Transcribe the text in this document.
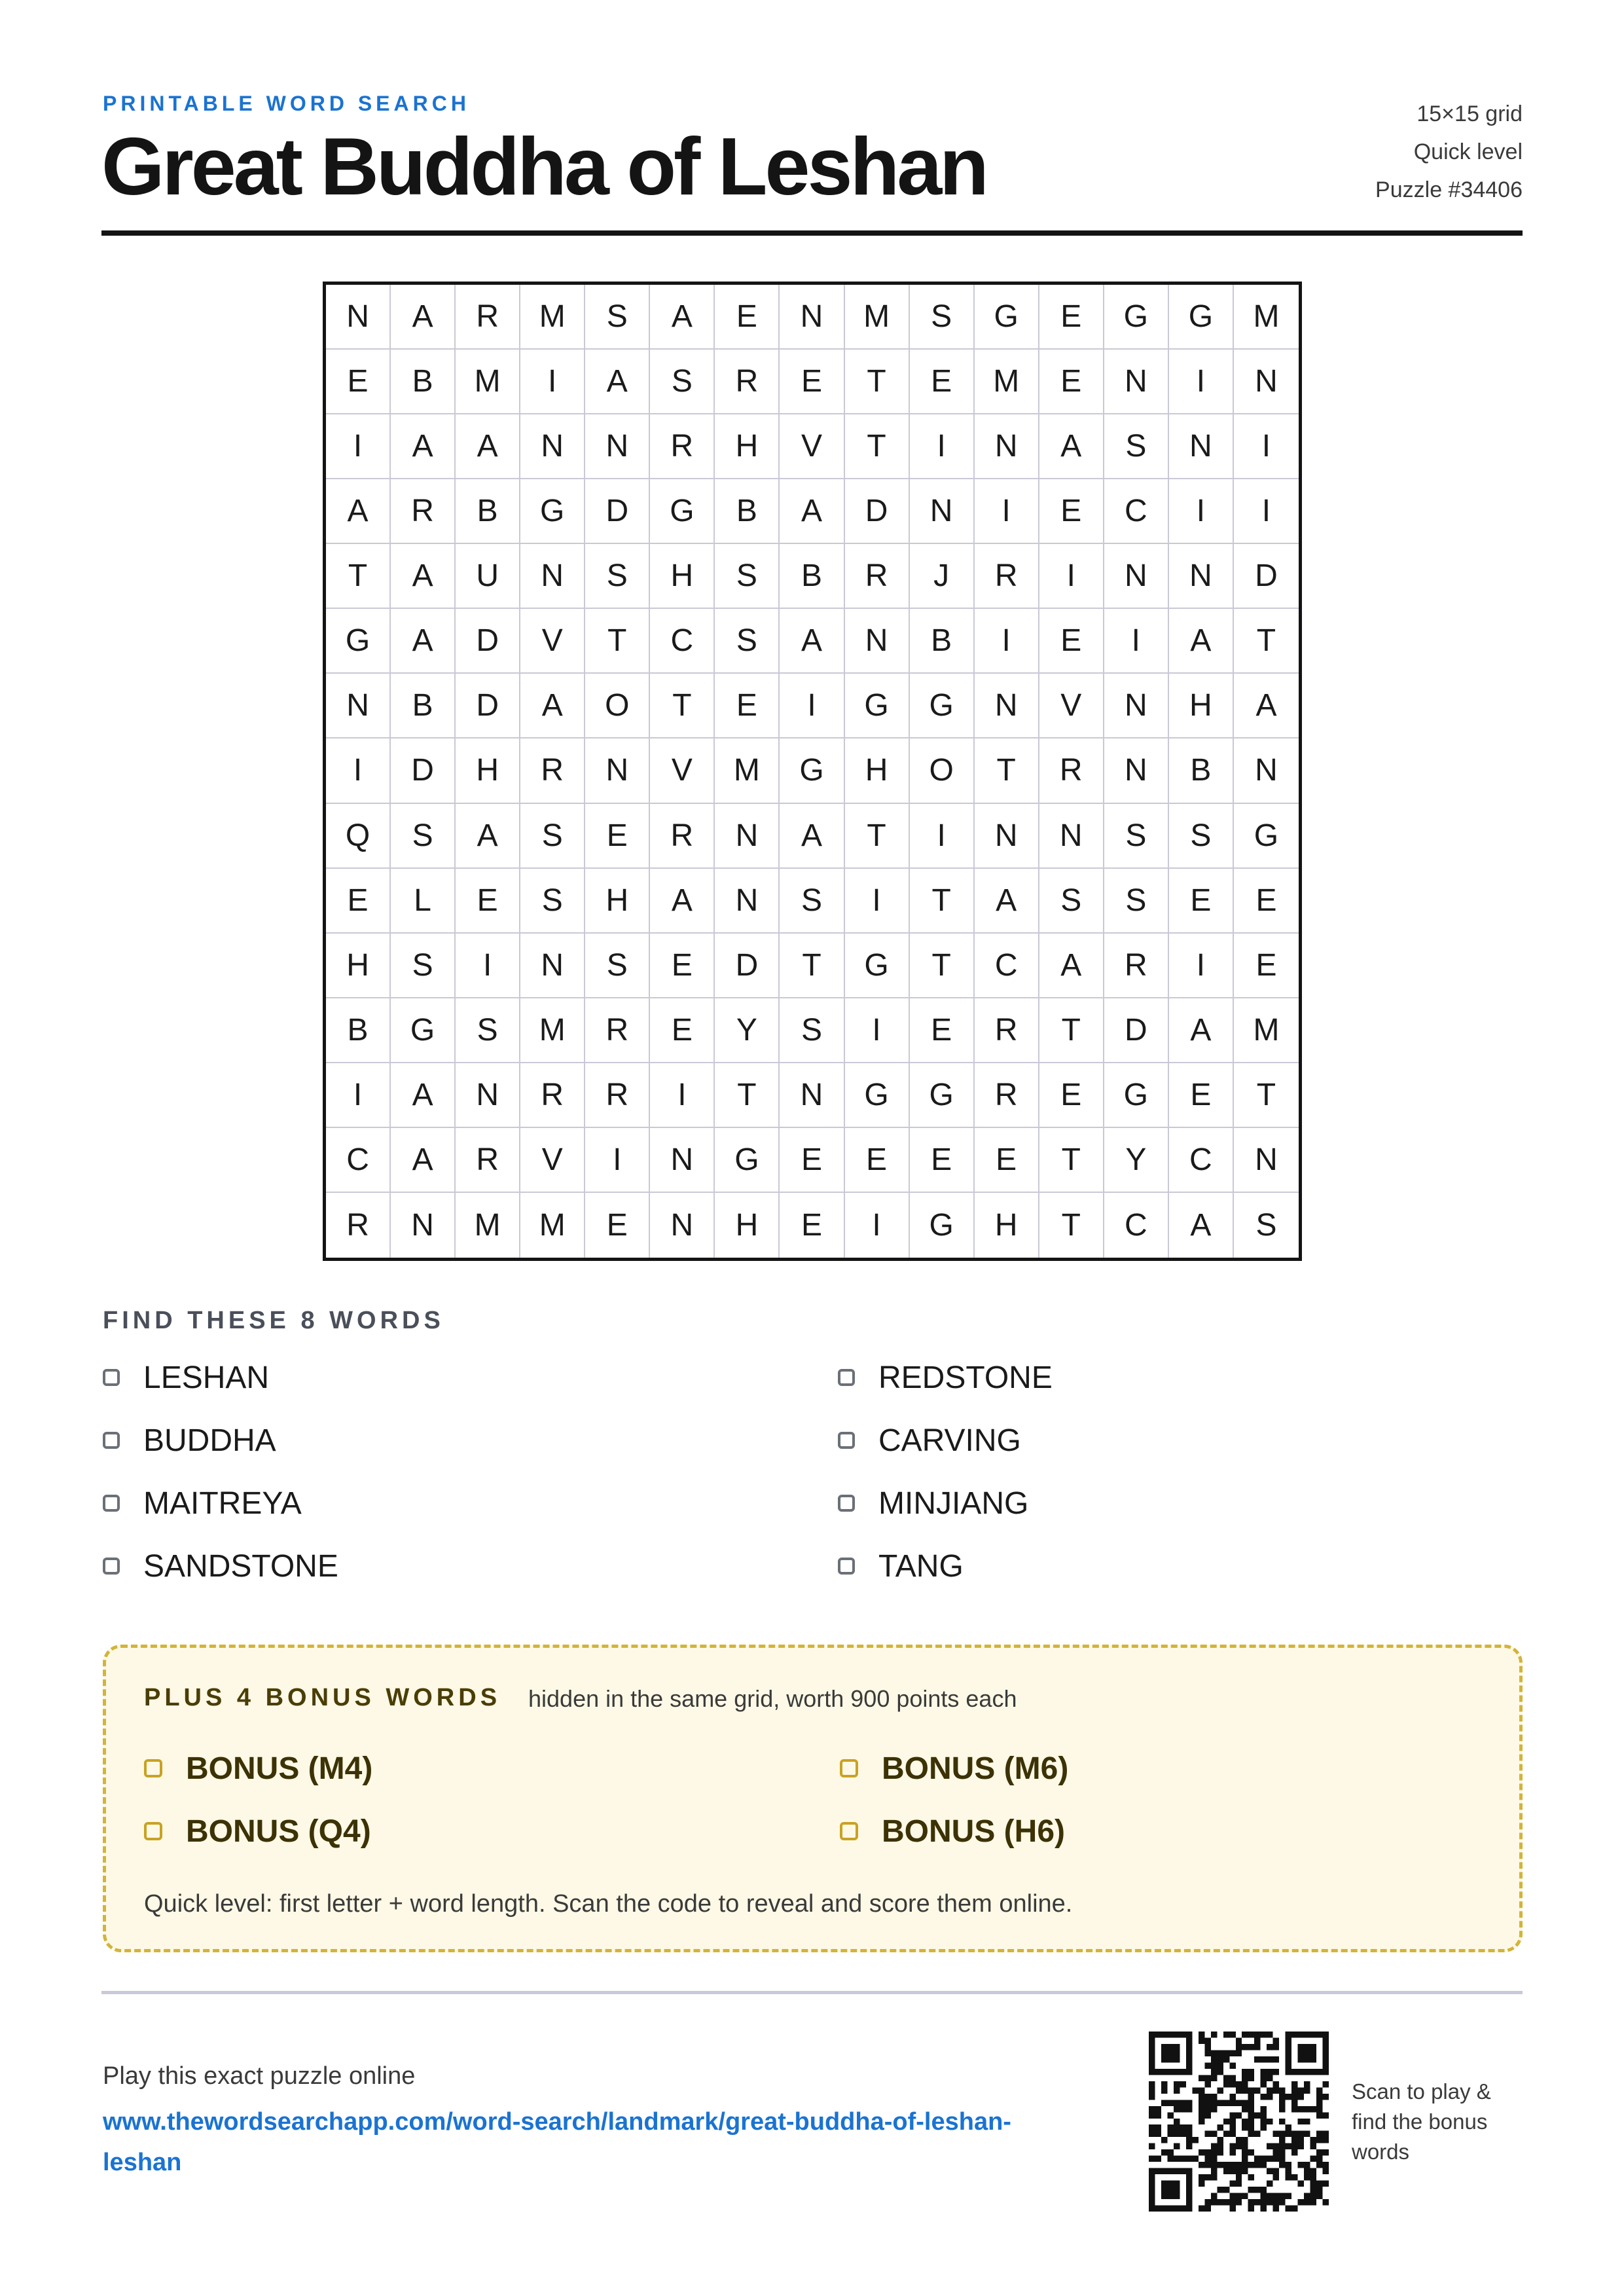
PRINTABLE WORD SEARCH
Great Buddha of Leshan
15×15 grid
Quick level
Puzzle #34406
N	A	R	M	S	A	E	N	M	S	G	E	G	G	M
E	B	M	I	A	S	R	E	T	E	M	E	N	I	N
I	A	A	N	N	R	H	V	T	I	N	A	S	N	I
A	R	B	G	D	G	B	A	D	N	I	E	C	I	I
T	A	U	N	S	H	S	B	R	J	R	I	N	N	D
G	A	D	V	T	C	S	A	N	B	I	E	I	A	T
N	B	D	A	O	T	E	I	G	G	N	V	N	H	A
I	D	H	R	N	V	M	G	H	O	T	R	N	B	N
Q	S	A	S	E	R	N	A	T	I	N	N	S	S	G
E	L	E	S	H	A	N	S	I	T	A	S	S	E	E
H	S	I	N	S	E	D	T	G	T	C	A	R	I	E
B	G	S	M	R	E	Y	S	I	E	R	T	D	A	M
I	A	N	R	R	I	T	N	G	G	R	E	G	E	T
C	A	R	V	I	N	G	E	E	E	E	T	Y	C	N
R	N	M	M	E	N	H	E	I	G	H	T	C	A	S
FIND THESE 8 WORDS
LESHAN	REDSTONE
BUDDHA	CARVING
MAITREYA	MINJIANG
SANDSTONE	TANG
PLUS 4 BONUS WORDS hidden in the same grid, worth 900 points each
BONUS (M4)	BONUS (M6)
BONUS (Q4)	BONUS (H6)
Quick level: first letter + word length. Scan the code to reveal and score them online.
Play this exact puzzle online
www.thewordsearchapp.com/word-search/landmark/great-buddha-of-leshan-leshan
Scan to play & find the bonus words
